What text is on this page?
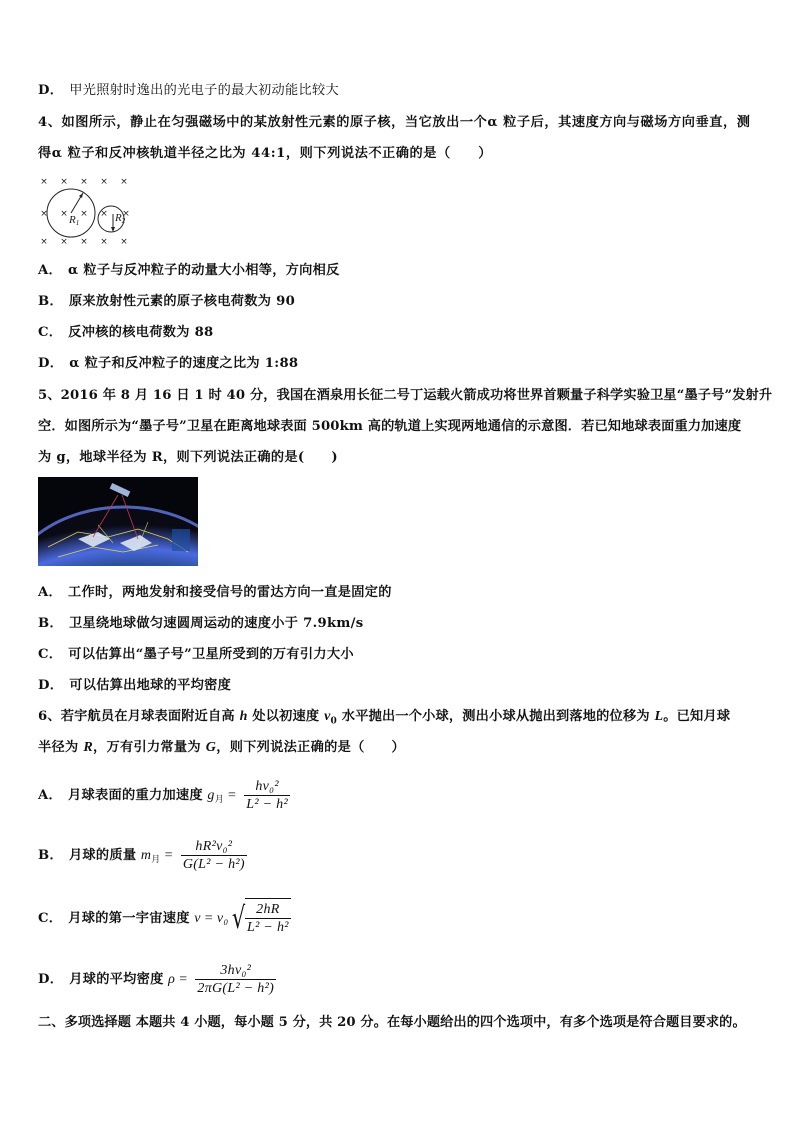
D． 甲光照射时逸出的光电子的最大初动能比较大
4、如图所示，静止在匀强磁场中的某放射性元素的原子核，当它放出一个α 粒子后，其速度方向与磁场方向垂直，测
得α 粒子和反冲核轨道半径之比为 44:1，则下列说法不正确的是（　　）
× × × × ×
× × × × ×
× × × × ×
R1	R2
A． α 粒子与反冲粒子的动量大小相等，方向相反
B． 原来放射性元素的原子核电荷数为 90
C． 反冲核的核电荷数为 88
D． α 粒子和反冲粒子的速度之比为 1:88
5、2016 年 8 月 16 日 1 时 40 分，我国在酒泉用长征二号丁运载火箭成功将世界首颗量子科学实验卫星“墨子号”发射升
空．如图所示为“墨子号”卫星在距离地球表面 500km 高的轨道上实现两地通信的示意图．若已知地球表面重力加速度
为 g，地球半径为 R，则下列说法正确的是(　　)
A． 工作时，两地发射和接受信号的雷达方向一直是固定的
B． 卫星绕地球做匀速圆周运动的速度小于 7.9km/s
C． 可以估算出“墨子号”卫星所受到的万有引力大小
D． 可以估算出地球的平均密度
6、若宇航员在月球表面附近自高 h 处以初速度 $v_0$ 水平抛出一个小球，测出小球从抛出到落地的位移为 L。已知月球
半径为 R，万有引力常量为 G，则下列说法正确的是（　　）
A． 月球表面的重力加速度 $g_月 = \frac{\text{hv₀²}}{\text{L² − h²}}$
B． 月球的质量 $m_月 = \frac{\text{hR²v₀²}}{\text{G(L² − h²)}}$
C． 月球的第一宇宙速度 v = v₀ √ $\frac{2hR}{\text{L² − h²}}$
D． 月球的平均密度 $\rho = \frac{\text{3hv₀²}}{\text{2πG(L² − h²)}}$
二、多项选择题 本题共 4 小题，每小题 5 分，共 20 分。在每小题给出的四个选项中，有多个选项是符合题目要求的。
